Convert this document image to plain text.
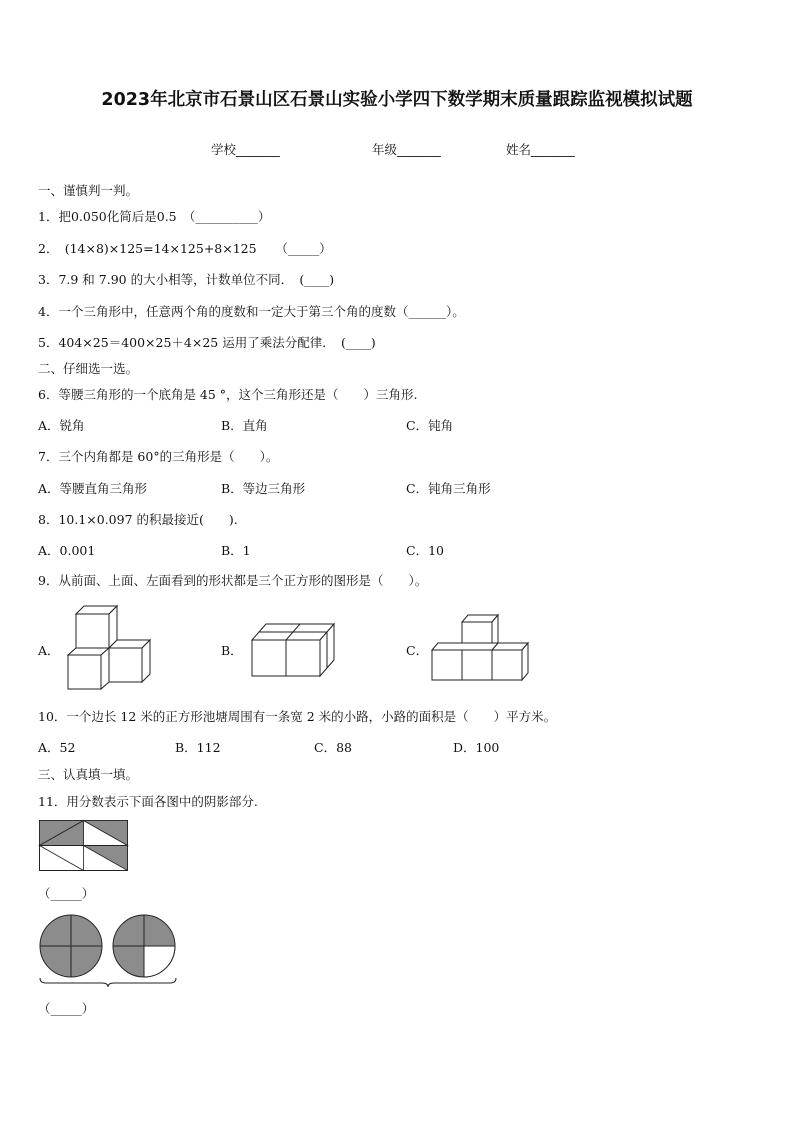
2023年北京市石景山区石景山实验小学四下数学期末质量跟踪监视模拟试题
学校_______	年级_______	姓名_______
一、谨慎判一判。
1．把0.050化简后是0.5　（__________）
2．　(14×8)×125=14×125+8×125　　（_____）
3．7.9 和 7.90 的大小相等，计数单位不同．　(____)
4．一个三角形中，任意两个角的度数和一定大于第三个角的度数（______）。
5．404×25＝400×25＋4×25 运用了乘法分配律．　(____)
二、仔细选一选。
6．等腰三角形的一个底角是 45 °，这个三角形还是（　　）三角形.
A．锐角	B．直角	C．钝角
7．三个内角都是 60°的三角形是（　　）。
A．等腰直角三角形	B．等边三角形	C．钝角三角形
8．10.1×0.097 的积最接近(　　).
A．0.001	B．1	C．10
9．从前面、上面、左面看到的形状都是三个正方形的图形是（　　）。
A．	B．	C．
10．一个边长 12 米的正方形池塘周围有一条宽 2 米的小路，小路的面积是（　　）平方米。
A．52	B．112	C．88	D．100
三、认真填一填。
11．用分数表示下面各图中的阴影部分.
（_____）
（_____）
